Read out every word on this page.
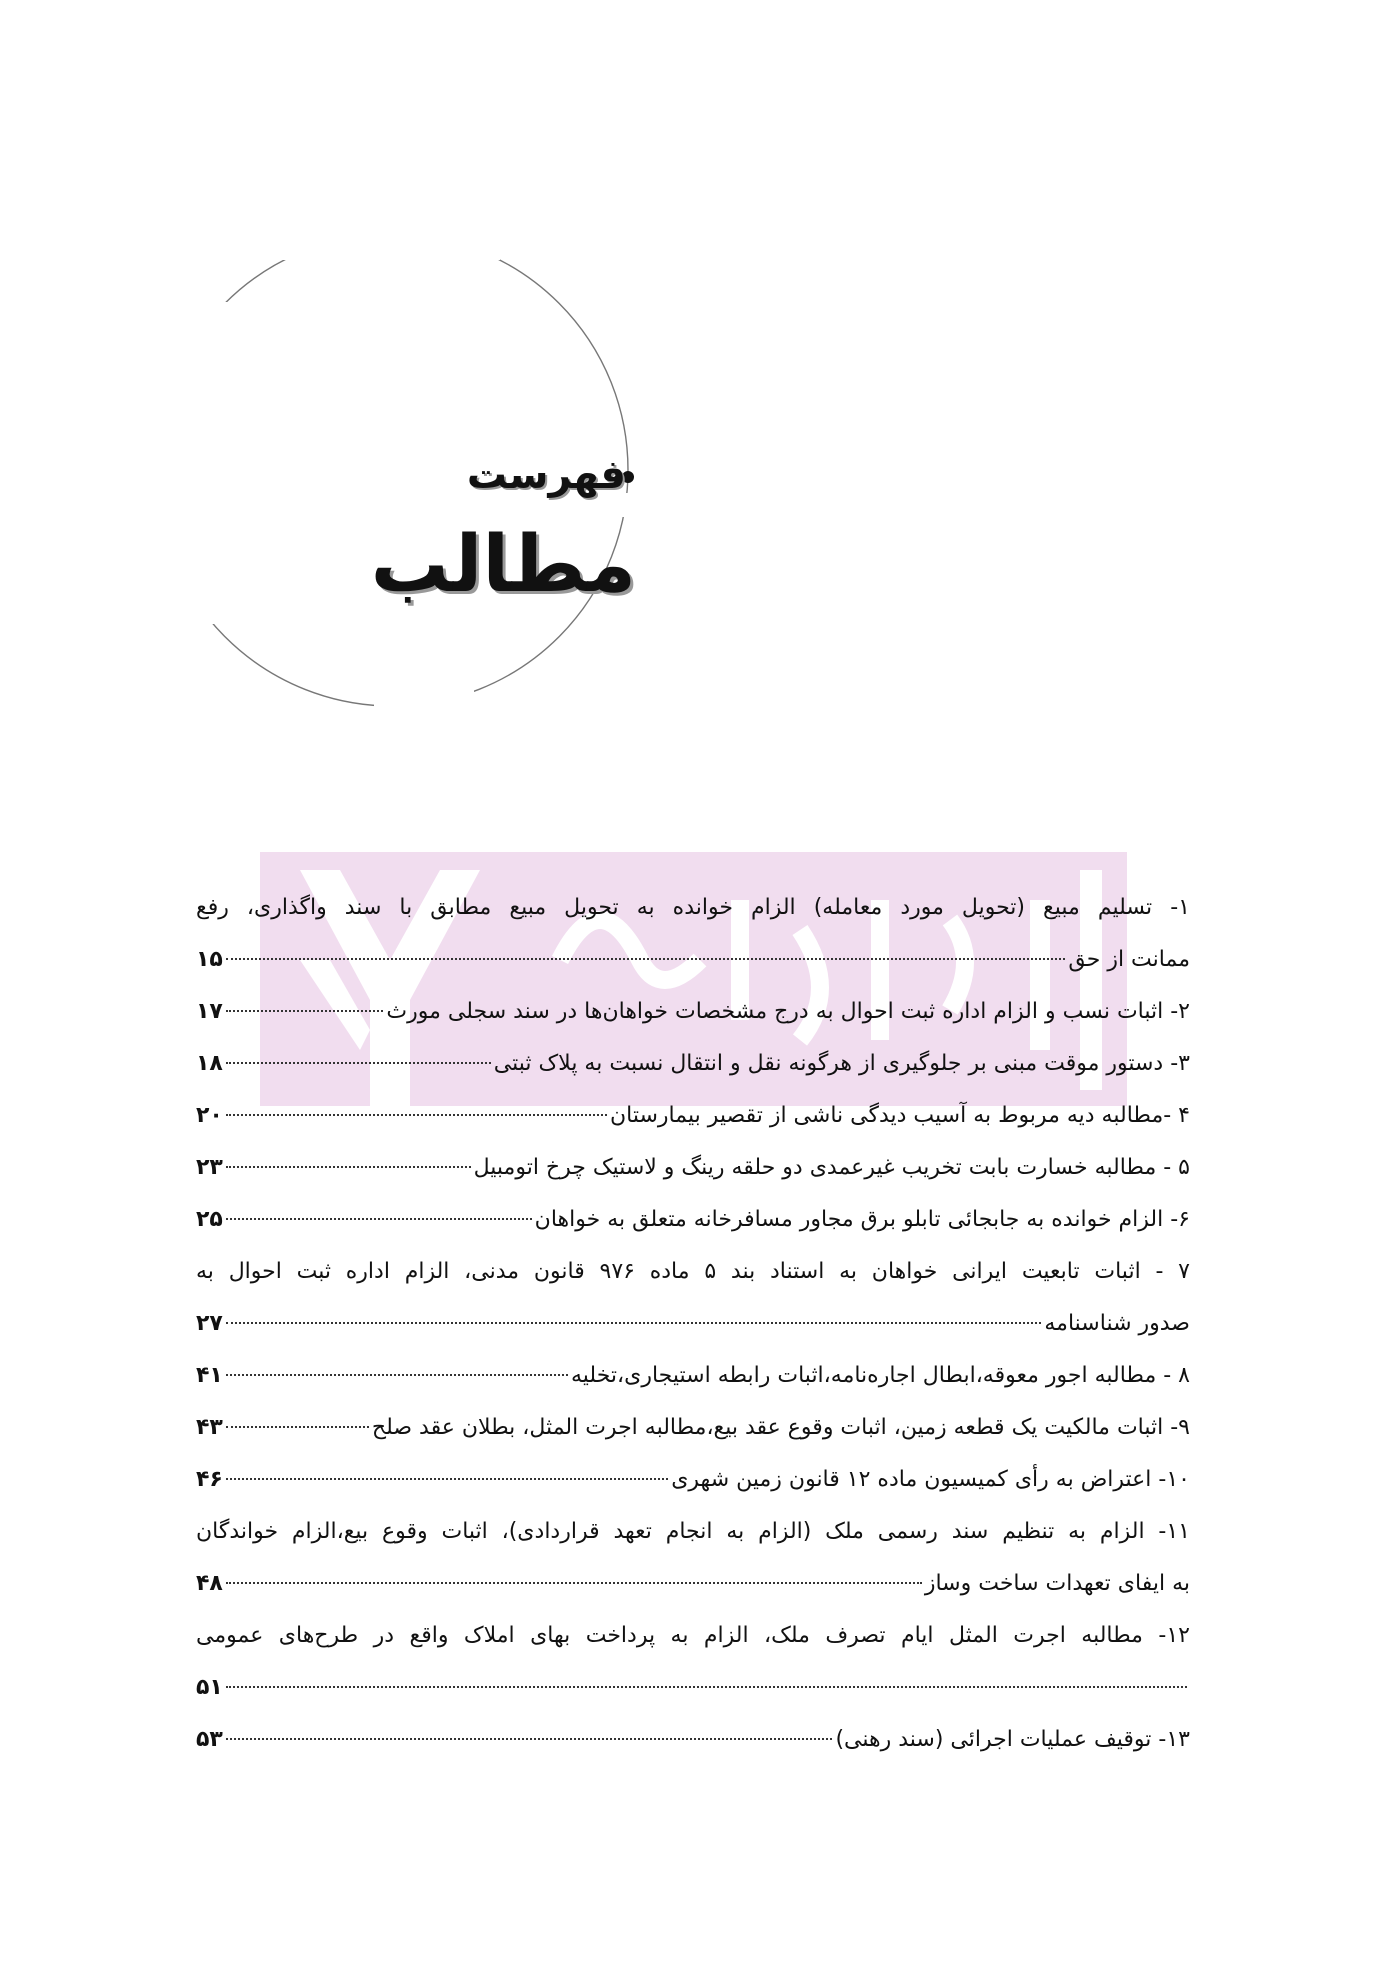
فهرست
مطالب
۱- تسلیم مبیع (تحویل مورد معامله) الزام خوانده به تحویل مبیع مطابق با سند واگذاری، رفع
ممانت از حق
۱۵
۲- اثبات نسب و الزام اداره ثبت احوال به درج مشخصات خواهان‌ها در سند سجلی مورث
۱۷
۳- دستور موقت مبنی بر جلوگیری از هرگونه نقل و انتقال نسبت به پلاک ثبتی
۱۸
۴ -مطالبه دیه مربوط به آسیب دیدگی ناشی از تقصیر بیمارستان
۲۰
۵ - مطالبه خسارت بابت تخریب غیرعمدی دو حلقه رینگ و لاستیک چرخ اتومبیل
۲۳
۶- الزام خوانده به جابجائی تابلو برق مجاور مسافرخانه متعلق به خواهان
۲۵
۷ - اثبات تابعیت ایرانی خواهان به استناد بند ۵ ماده ۹۷۶ قانون مدنی، الزام اداره ثبت احوال به
صدور شناسنامه
۲۷
۸ - مطالبه اجور معوقه،ابطال اجاره‌نامه،اثبات رابطه استیجاری،تخلیه
۴۱
۹- اثبات مالکیت یک قطعه زمین، اثبات وقوع عقد بیع،مطالبه اجرت المثل، بطلان عقد صلح
۴۳
۱۰- اعتراض به رأی کمیسیون ماده ۱۲ قانون زمین شهری
۴۶
۱۱- الزام به تنظیم سند رسمی ملک (الزام به انجام تعهد قراردادی)، اثبات وقوع بیع،الزام خواندگان
به ایفای تعهدات ساخت وساز
۴۸
۱۲- مطالبه اجرت المثل ایام تصرف ملک، الزام به پرداخت بهای املاک واقع در طرح‌های عمومی
۵۱
۱۳- توقیف عملیات اجرائی (سند رهنی)
۵۳
